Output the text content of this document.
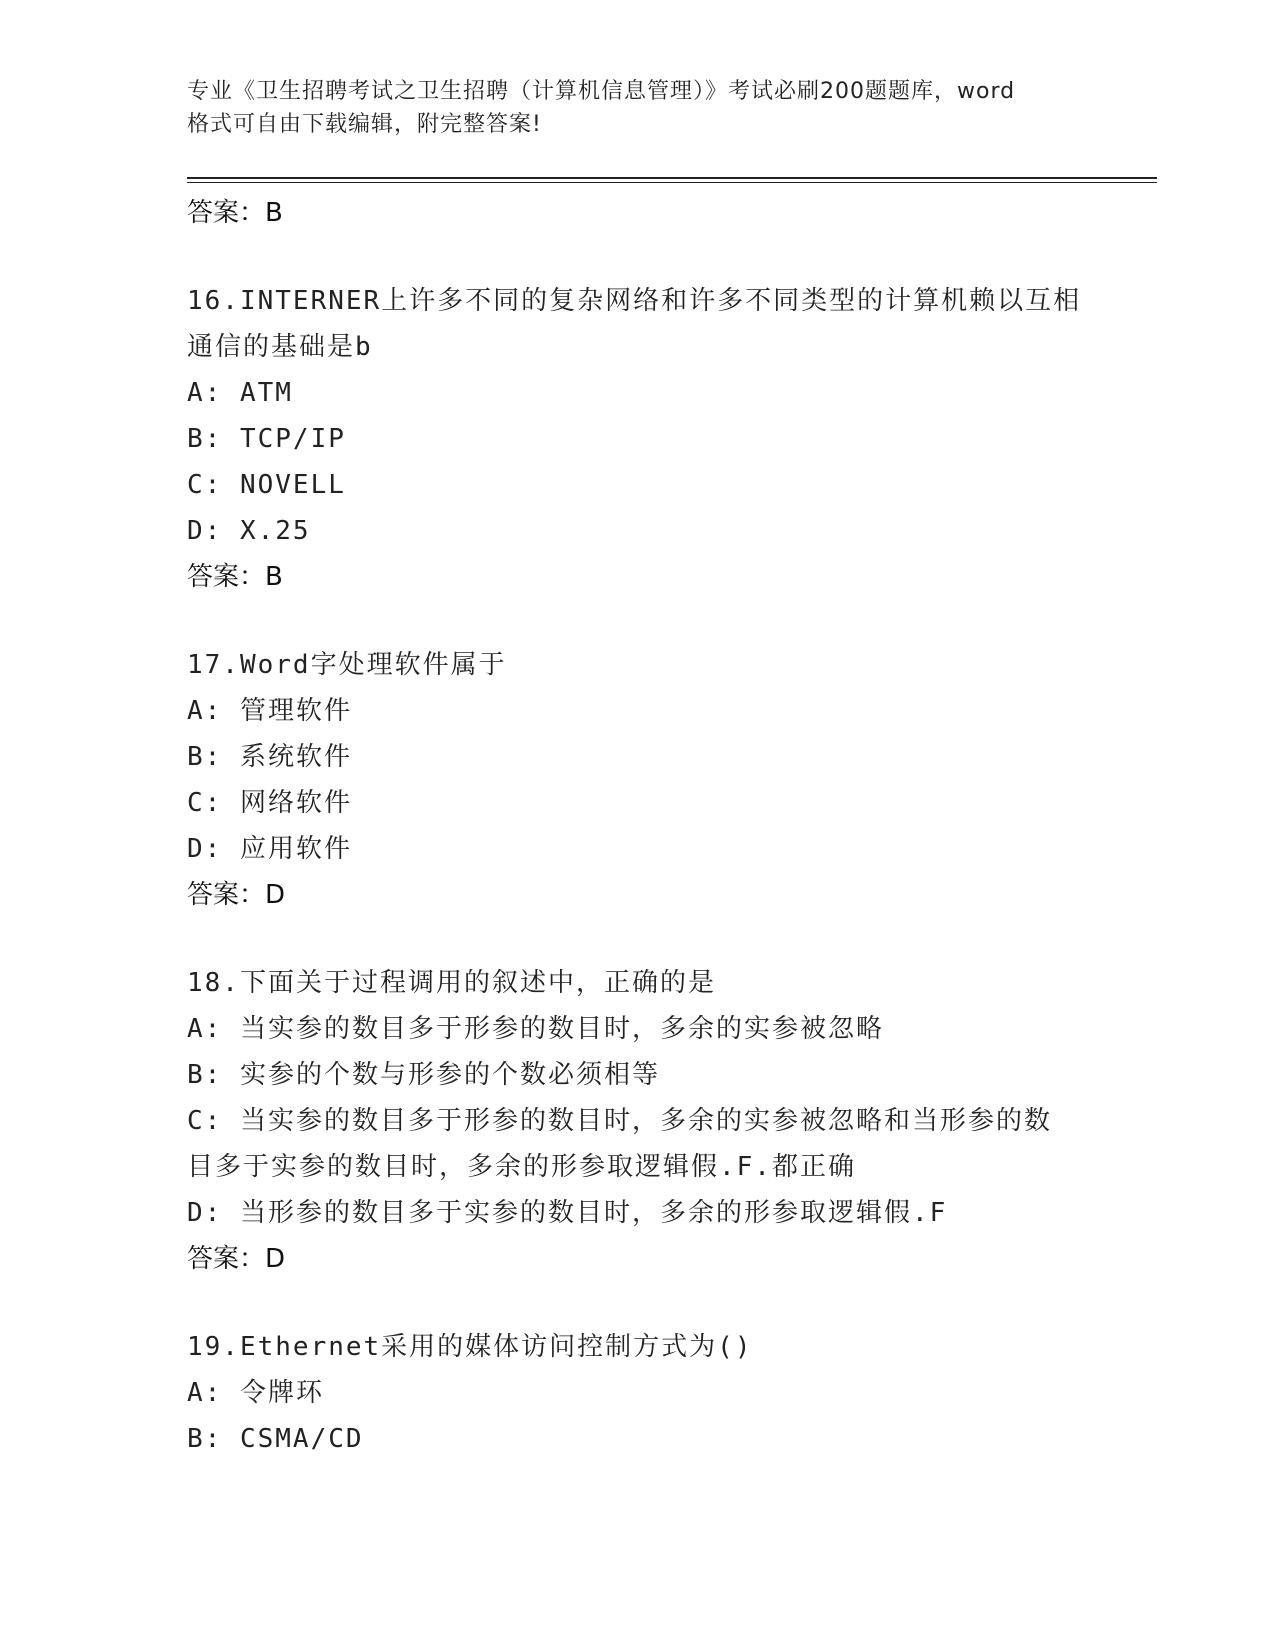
专业《卫生招聘考试之卫生招聘（计算机信息管理）》考试必刷200题题库，word
格式可自由下载编辑，附完整答案!

答案：B

16.INTERNER上许多不同的复杂网络和许多不同类型的计算机赖以互相

通信的基础是b

A: ATM

B: TCP/IP

C: NOVELL

D: X.25

答案：B

17.Word字处理软件属于

A: 管理软件

B: 系统软件

C: 网络软件

D: 应用软件

答案：D

18.下面关于过程调用的叙述中，正确的是

A: 当实参的数目多于形参的数目时，多余的实参被忽略

B: 实参的个数与形参的个数必须相等

C: 当实参的数目多于形参的数目时，多余的实参被忽略和当形参的数

目多于实参的数目时，多余的形参取逻辑假.F.都正确

D: 当形参的数目多于实参的数目时，多余的形参取逻辑假.F

答案：D

19.Ethernet采用的媒体访问控制方式为()

A: 令牌环

B: CSMA/CD
